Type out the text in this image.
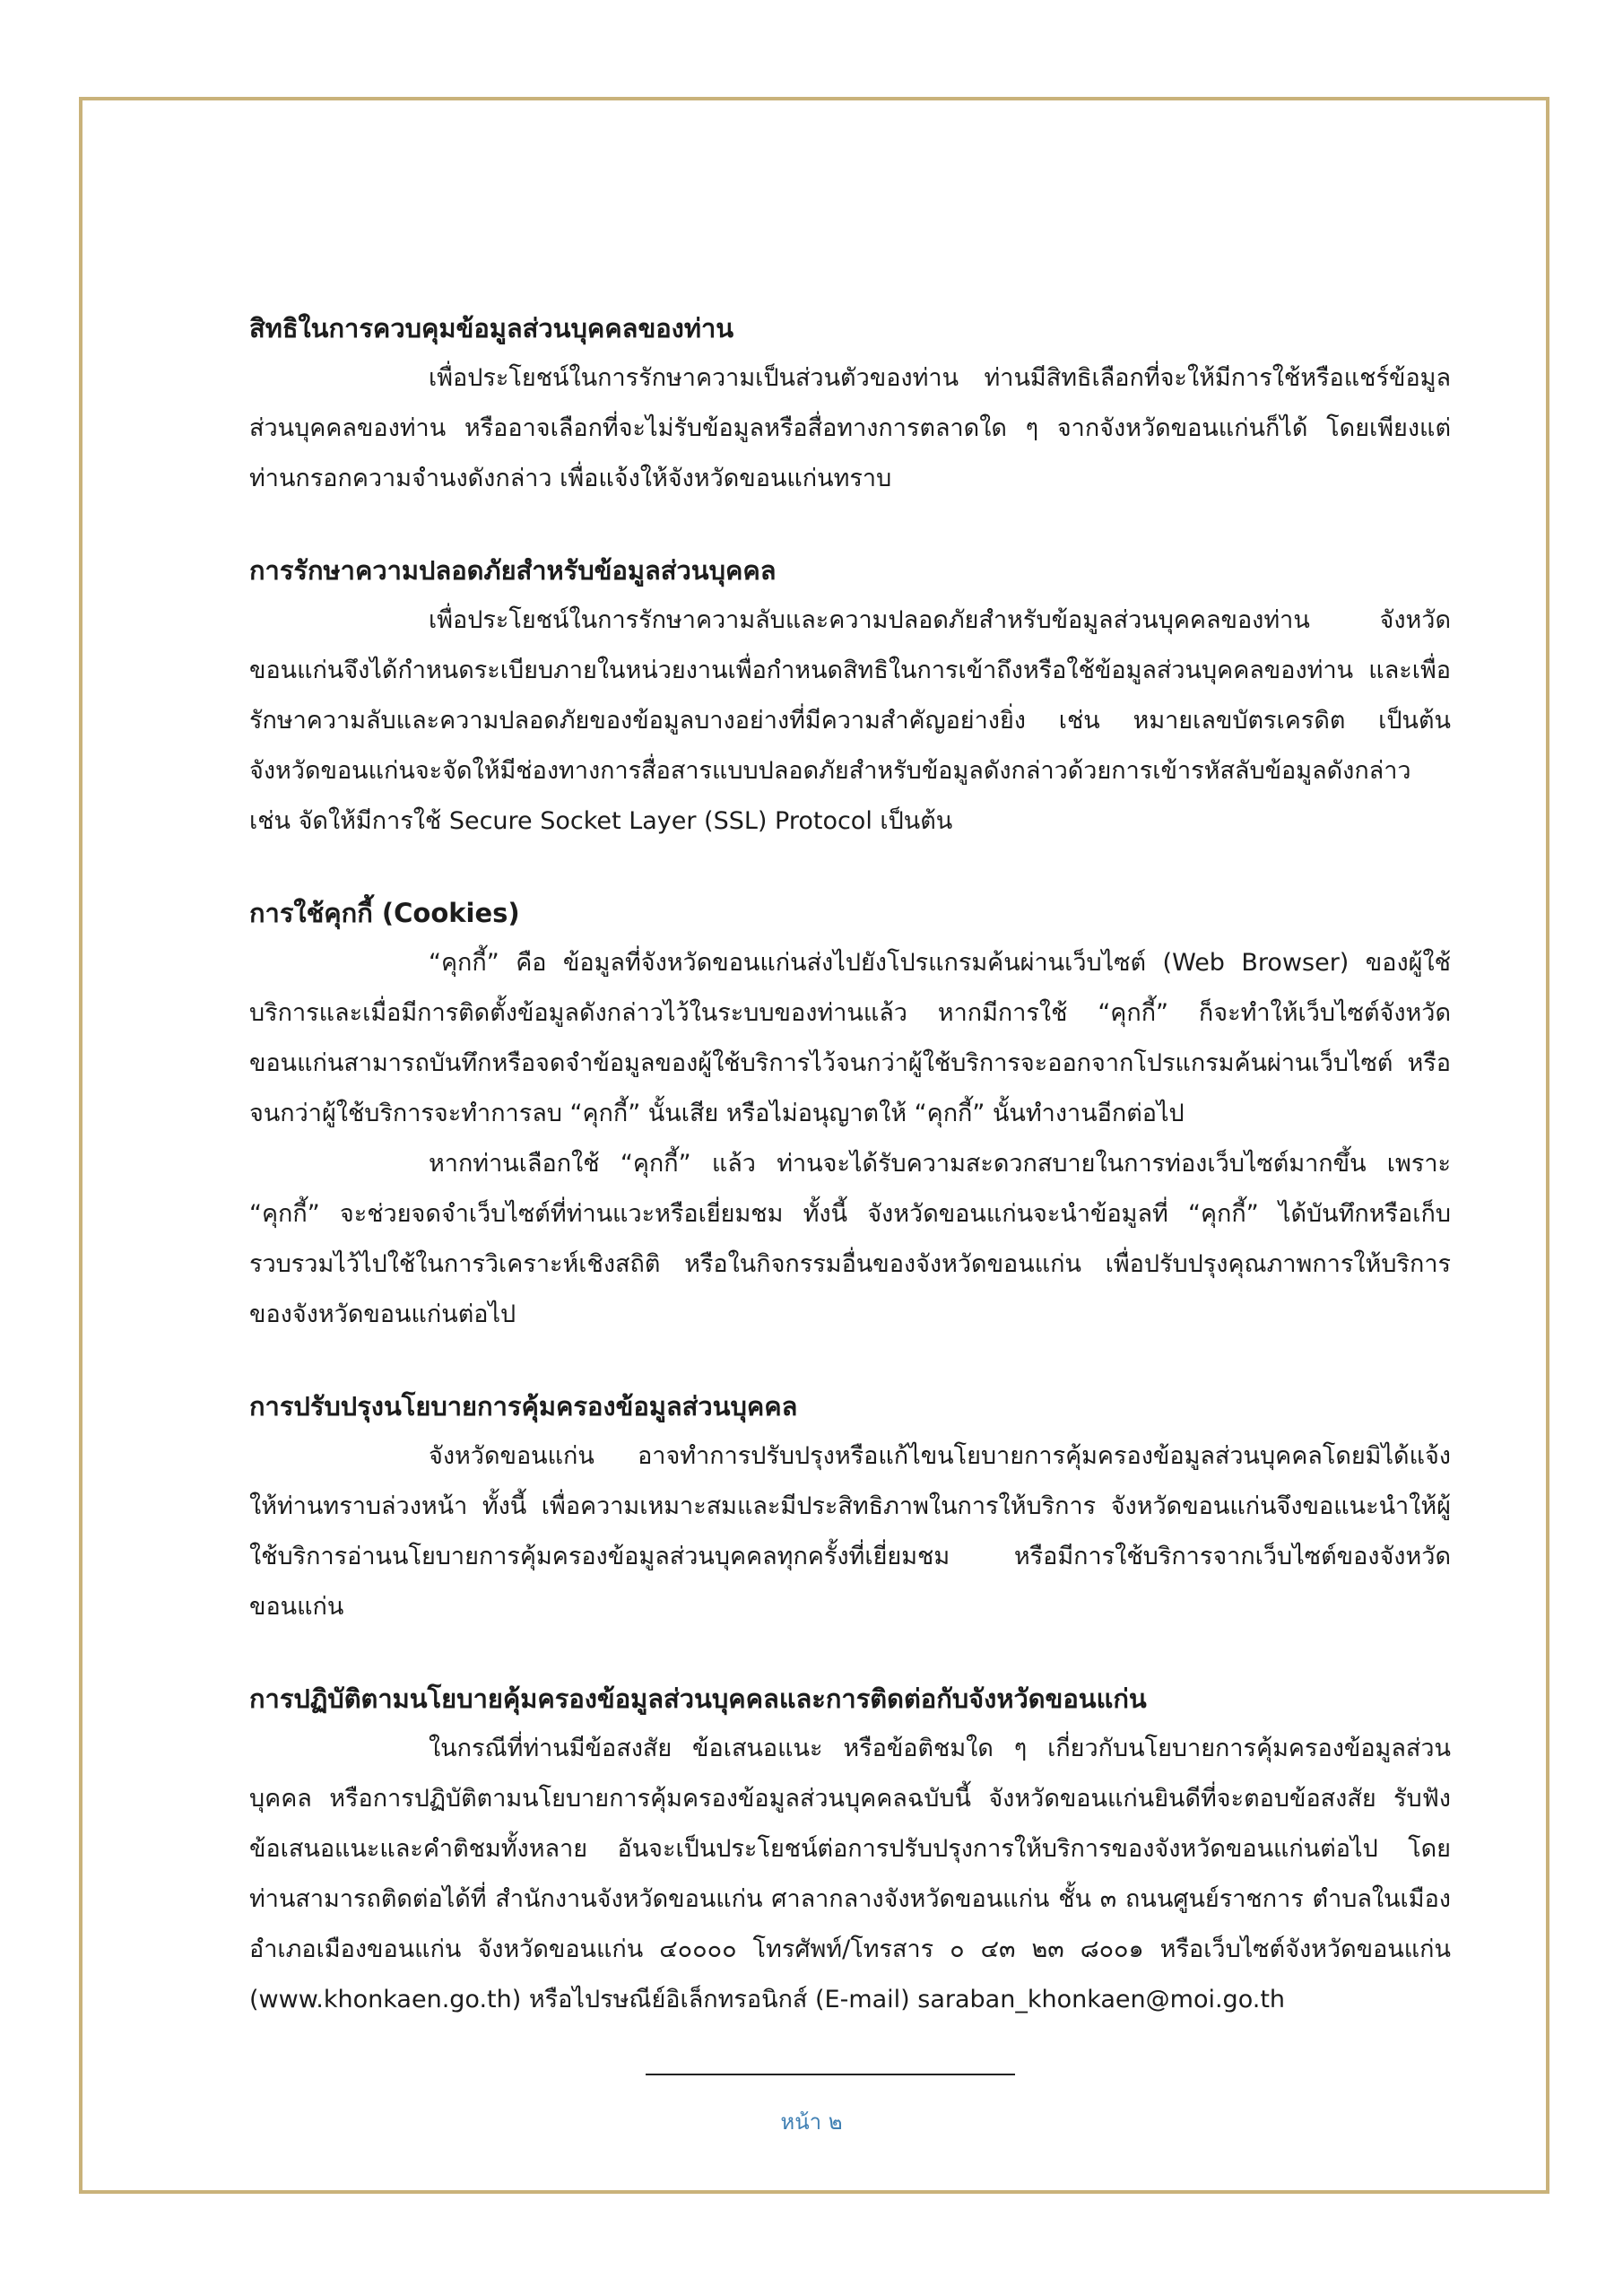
สิทธิในการควบคุมข้อมูลส่วนบุคคลของท่าน

เพื่อประโยชน์ในการรักษาความเป็นส่วนตัวของท่าน ท่านมีสิทธิเลือกที่จะให้มีการใช้หรือแชร์ข้อมูลส่วนบุคคลของท่าน หรืออาจเลือกที่จะไม่รับข้อมูลหรือสื่อทางการตลาดใด ๆ จากจังหวัดขอนแก่นก็ได้ โดยเพียงแต่ท่านกรอกความจำนงดังกล่าว เพื่อแจ้งให้จังหวัดขอนแก่นทราบ

การรักษาความปลอดภัยสำหรับข้อมูลส่วนบุคคล

เพื่อประโยชน์ในการรักษาความลับและความปลอดภัยสำหรับข้อมูลส่วนบุคคลของท่าน จังหวัดขอนแก่นจึงได้กำหนดระเบียบภายในหน่วยงานเพื่อกำหนดสิทธิในการเข้าถึงหรือใช้ข้อมูลส่วนบุคคลของท่าน และเพื่อรักษาความลับและความปลอดภัยของข้อมูลบางอย่างที่มีความสำคัญอย่างยิ่ง เช่น หมายเลขบัตรเครดิต เป็นต้น จังหวัดขอนแก่นจะจัดให้มีช่องทางการสื่อสารแบบปลอดภัยสำหรับข้อมูลดังกล่าวด้วยการเข้ารหัสลับข้อมูลดังกล่าว เช่น จัดให้มีการใช้ Secure Socket Layer (SSL) Protocol เป็นต้น

การใช้คุกกี้ (Cookies)

“คุกกี้” คือ ข้อมูลที่จังหวัดขอนแก่นส่งไปยังโปรแกรมค้นผ่านเว็บไซต์ (Web Browser) ของผู้ใช้บริการและเมื่อมีการติดตั้งข้อมูลดังกล่าวไว้ในระบบของท่านแล้ว หากมีการใช้ “คุกกี้” ก็จะทำให้เว็บไซต์จังหวัดขอนแก่นสามารถบันทึกหรือจดจำข้อมูลของผู้ใช้บริการไว้จนกว่าผู้ใช้บริการจะออกจากโปรแกรมค้นผ่านเว็บไซต์ หรือจนกว่าผู้ใช้บริการจะทำการลบ “คุกกี้” นั้นเสีย หรือไม่อนุญาตให้ “คุกกี้” นั้นทำงานอีกต่อไป

หากท่านเลือกใช้ “คุกกี้” แล้ว ท่านจะได้รับความสะดวกสบายในการท่องเว็บไซต์มากขึ้น เพราะ “คุกกี้” จะช่วยจดจำเว็บไซต์ที่ท่านแวะหรือเยี่ยมชม ทั้งนี้ จังหวัดขอนแก่นจะนำข้อมูลที่ “คุกกี้” ได้บันทึกหรือเก็บรวบรวมไว้ไปใช้ในการวิเคราะห์เชิงสถิติ หรือในกิจกรรมอื่นของจังหวัดขอนแก่น เพื่อปรับปรุงคุณภาพการให้บริการของจังหวัดขอนแก่นต่อไป

การปรับปรุงนโยบายการคุ้มครองข้อมูลส่วนบุคคล

จังหวัดขอนแก่น อาจทำการปรับปรุงหรือแก้ไขนโยบายการคุ้มครองข้อมูลส่วนบุคคลโดยมิได้แจ้งให้ท่านทราบล่วงหน้า ทั้งนี้ เพื่อความเหมาะสมและมีประสิทธิภาพในการให้บริการ จังหวัดขอนแก่นจึงขอแนะนำให้ผู้ใช้บริการอ่านนโยบายการคุ้มครองข้อมูลส่วนบุคคลทุกครั้งที่เยี่ยมชม หรือมีการใช้บริการจากเว็บไซต์ของจังหวัดขอนแก่น

การปฏิบัติตามนโยบายคุ้มครองข้อมูลส่วนบุคคลและการติดต่อกับจังหวัดขอนแก่น

ในกรณีที่ท่านมีข้อสงสัย ข้อเสนอแนะ หรือข้อติชมใด ๆ เกี่ยวกับนโยบายการคุ้มครองข้อมูลส่วนบุคคล หรือการปฏิบัติตามนโยบายการคุ้มครองข้อมูลส่วนบุคคลฉบับนี้ จังหวัดขอนแก่นยินดีที่จะตอบข้อสงสัย รับฟังข้อเสนอแนะและคำติชมทั้งหลาย อันจะเป็นประโยชน์ต่อการปรับปรุงการให้บริการของจังหวัดขอนแก่นต่อไป โดยท่านสามารถติดต่อได้ที่ สำนักงานจังหวัดขอนแก่น ศาลากลางจังหวัดขอนแก่น ชั้น ๓ ถนนศูนย์ราชการ ตำบลในเมือง อำเภอเมืองขอนแก่น จังหวัดขอนแก่น ๔๐๐๐๐ โทรศัพท์/โทรสาร ๐ ๔๓ ๒๓ ๘๐๐๑ หรือเว็บไซต์จังหวัดขอนแก่น (www.khonkaen.go.th) หรือไปรษณีย์อิเล็กทรอนิกส์ (E-mail) saraban_khonkaen@moi.go.th

หน้า ๒
